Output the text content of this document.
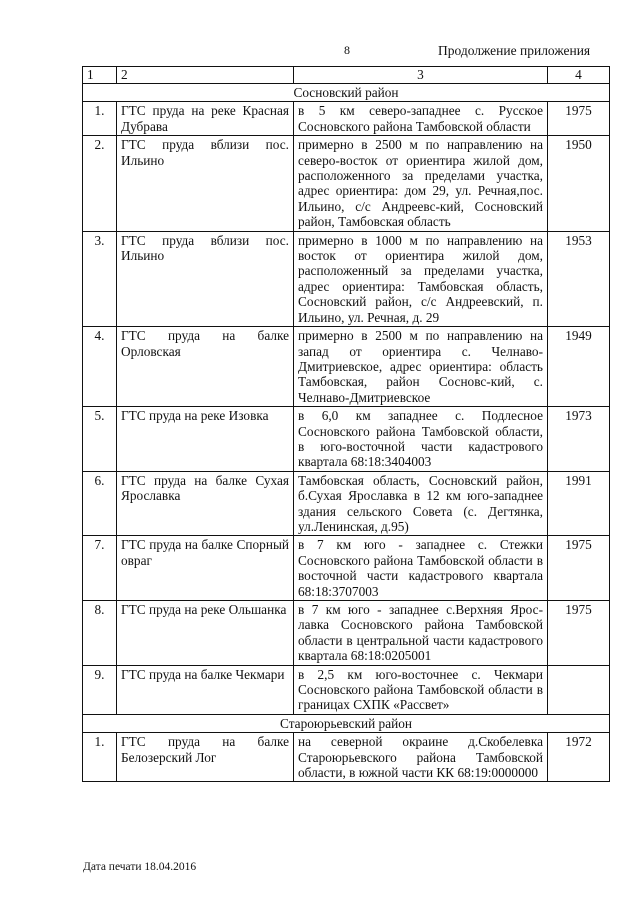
8	Продолжение приложения
1	2	3	4
Сосновский район			
1.	ГТС пруда на реке Красная Дубрава	в 5 км северо-западнее с. Русское Сосновского района Тамбовской области	1975
2.	ГТС пруда вблизи пос. Ильино	примерно в 2500 м по направлению на северо-восток от ориентира жилой дом, расположенного за пределами участка, адрес ориентира: дом 29, ул. Речная,пос. Ильино, с/с Андреевс-кий, Сосновский район, Тамбовская область	1950
3.	ГТС пруда вблизи пос. Ильино	примерно в 1000 м по направлению на восток от ориентира жилой дом, расположенный за пределами участка, адрес ориентира: Тамбовская область, Сосновский район, с/с Андреевский, п. Ильино, ул. Речная, д. 29	1953
4.	ГТС пруда на балке Орловская	примерно в 2500 м по направлению на запад от ориентира с. Челнаво-Дмитриевское, адрес ориентира: область Тамбовская, район Сосновс-кий, с. Челнаво-Дмитриевское	1949
5.	ГТС пруда на реке Изовка	в 6,0 км западнее с. Подлесное Сосновского района Тамбовской области, в юго-восточной части кадастрового квартала 68:18:3404003	1973
6.	ГТС пруда на балке Сухая Ярославка	Тамбовская область, Сосновский район, б.Сухая Ярославка в 12 км юго-западнее здания сельского Совета (с. Дегтянка, ул.Ленинская, д.95)	1991
7.	ГТС пруда на балке Спорный овраг	в 7 км юго - западнее с. Стежки Сосновского района Тамбовской области в восточной части кадастрового квартала 68:18:3707003	1975
8.	ГТС пруда на реке Ольшанка	в 7 км юго - западнее с.Верхняя Ярос-лавка Сосновского района Тамбовской области в центральной части кадастрового квартала 68:18:0205001	1975
9.	ГТС пруда на балке Чекмари	в 2,5 км юго-восточнее с. Чекмари Сосновского района Тамбовской области в границах СХПК «Рассвет»	
Староюрьевский район			
1.	ГТС пруда на балке Белозерский Лог	на северной окраине д.Скобелевка Староюрьевского района Тамбовской области, в южной части КК 68:19:0000000	1972
Дата печати 18.04.2016
